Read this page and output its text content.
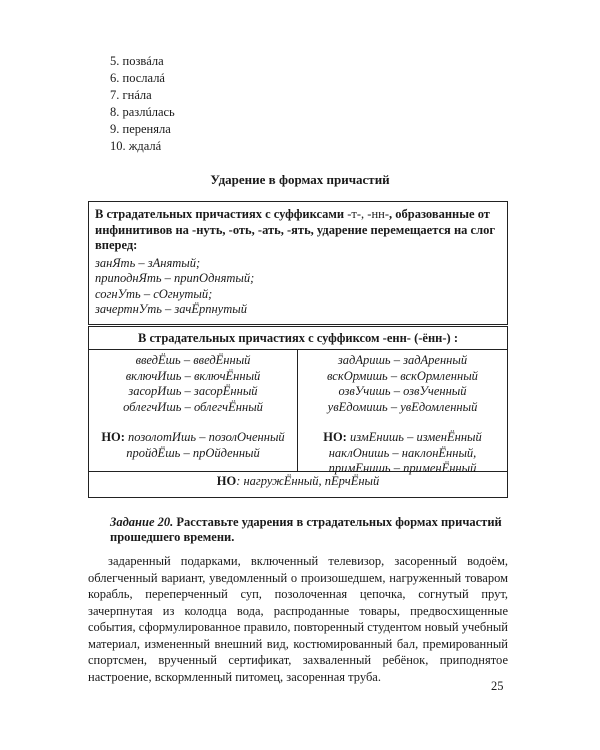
5. позвáла
6. послалá
7. гнáла
8. разлúлась
9. переняла
10. ждалá
Ударение в формах причастий

В страдательных причастиях с суффиксами -т-, -нн-, образованные от инфинитивов на -нуть, -оть, -ать, -ять, ударение перемещается на слог вперед:

занЯть – зАнятый;
приподнЯть – припОднятый;
согнУть – сОгнутый;
зачертнУть – зачЁрпнутый
В страдательных причастиях с суффиксом -енн- (-ённ-) :
введЁшь – введЁнный
включИшь – включЁнный
засорИшь – засорЁнный
облегчИшь – облегчЁнный
НО: позолотИшь – позолОченный
пройдЁшь – прОйденный
задАришь – задАренный
вскОрмишь – вскОрмленный
озвУчишь – озвУченный
увЕдомишь – увЕдомленный
НО: измЕнишь – изменЁнный
наклОнишь – наклонЁнный,
примЕнишь – применЁнный
НО: нагружЁнный, пЕрчЁный
Задание 20. Расставьте ударения в страдательных формах причастий прошедшего времени.

задаренный подарками, включенный телевизор, засоренный водоём, облегченный вариант, уведомленный о произошедшем, нагруженный товаром корабль, переперченный суп, позолоченная цепочка, согнутый прут, зачерпнутая из колодца вода, распроданные товары, предвосхищенные события, сформулированное правило, повторенный студентом новый учебный материал, измененный внешний вид, костюмированный бал, премированный спортсмен, врученный сертификат, захваленный ребёнок, приподнятое настроение, вскормленный питомец, засоренная труба.

25
